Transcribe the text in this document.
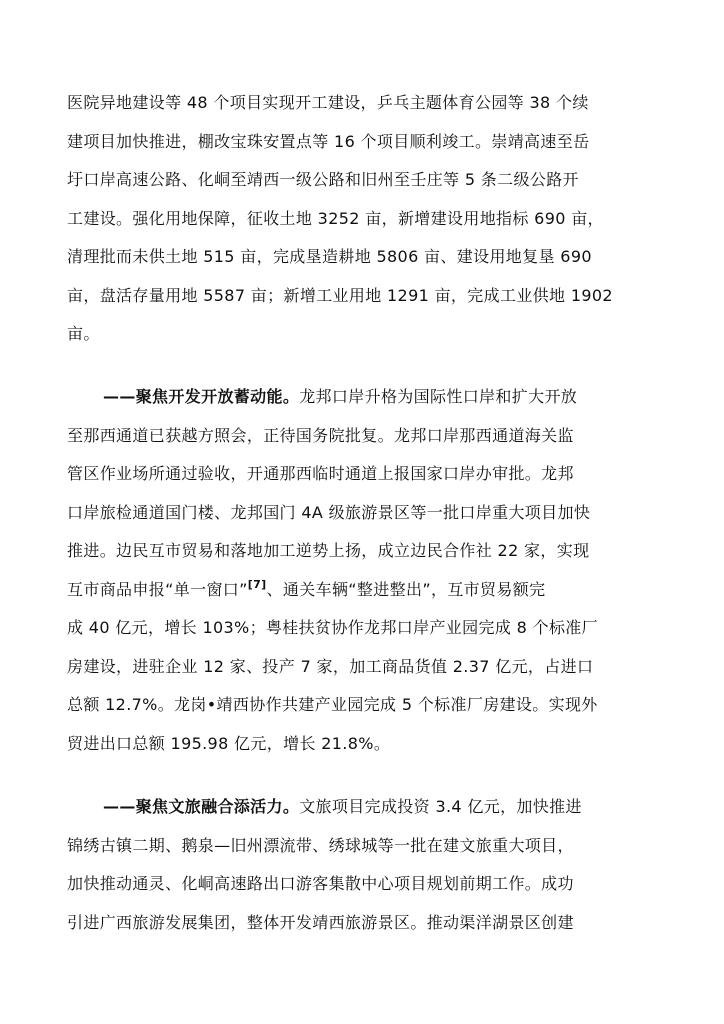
医院异地建设等 48 个项目实现开工建设，乒乓主题体育公园等 38 个续
建项目加快推进，棚改宝珠安置点等 16 个项目顺利竣工。崇靖高速至岳
圩口岸高速公路、化峒至靖西一级公路和旧州至壬庄等 5 条二级公路开
工建设。强化用地保障，征收土地 3252 亩，新增建设用地指标 690 亩，
清理批而未供土地 515 亩，完成垦造耕地 5806 亩、建设用地复垦 690
亩，盘活存量用地 5587 亩；新增工业用地 1291 亩，完成工业供地 1902
亩。
——聚焦开发开放蓄动能。龙邦口岸升格为国际性口岸和扩大开放
至那西通道已获越方照会，正待国务院批复。龙邦口岸那西通道海关监
管区作业场所通过验收，开通那西临时通道上报国家口岸办审批。龙邦
口岸旅检通道国门楼、龙邦国门 4A 级旅游景区等一批口岸重大项目加快
推进。边民互市贸易和落地加工逆势上扬，成立边民合作社 22 家，实现
互市商品申报“单一窗口”[7]、通关车辆“整进整出”，互市贸易额完
成 40 亿元，增长 103%；粤桂扶贫协作龙邦口岸产业园完成 8 个标准厂
房建设，进驻企业 12 家、投产 7 家，加工商品货值 2.37 亿元，占进口
总额 12.7%。龙岗•靖西协作共建产业园完成 5 个标准厂房建设。实现外
贸进出口总额 195.98 亿元，增长 21.8%。
——聚焦文旅融合添活力。文旅项目完成投资 3.4 亿元，加快推进
锦绣古镇二期、鹅泉—旧州漂流带、绣球城等一批在建文旅重大项目，
加快推动通灵、化峒高速路出口游客集散中心项目规划前期工作。成功
引进广西旅游发展集团，整体开发靖西旅游景区。推动渠洋湖景区创建
